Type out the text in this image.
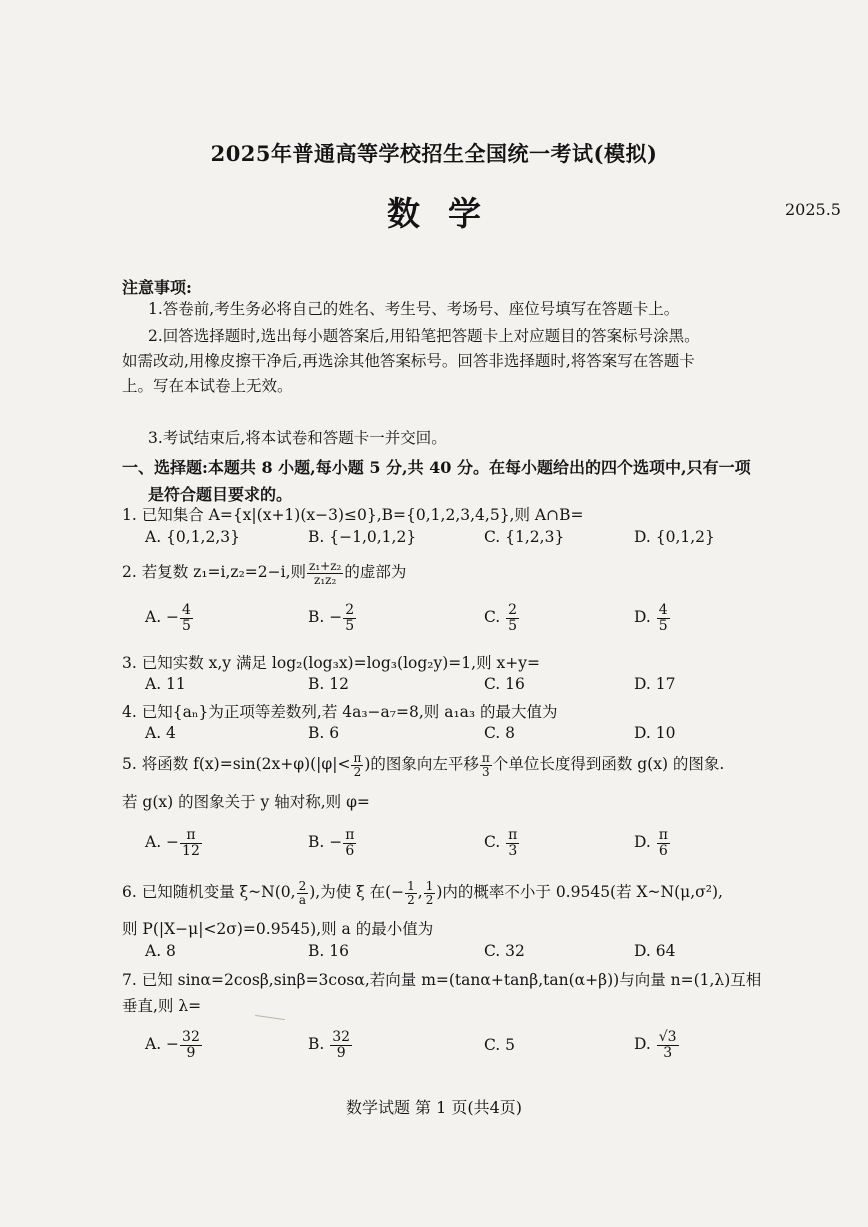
2025年普通高等学校招生全国统一考试(模拟)
数学	2025.5
注意事项:
1.答卷前,考生务必将自己的姓名、考生号、考场号、座位号填写在答题卡上。
2.回答选择题时,选出每小题答案后,用铅笔把答题卡上对应题目的答案标号涂黑。
如需改动,用橡皮擦干净后,再选涂其他答案标号。回答非选择题时,将答案写在答题卡
上。写在本试卷上无效。
3.考试结束后,将本试卷和答题卡一并交回。
一、选择题:本题共 8 小题,每小题 5 分,共 40 分。在每小题给出的四个选项中,只有一项
是符合题目要求的。
1. 已知集合 A={x|(x+1)(x−3)≤0},B={0,1,2,3,4,5},则 A∩B=
A. {0,1,2,3}	B. {−1,0,1,2}	C. {1,2,3}	D. {0,1,2}
2. 若复数 z₁=i,z₂=2−i,则 $\frac{\text{z₁+z₂}}{\text{z₁z₂}}$ 的虚部为
A. − $\frac{4}{5}$	B. − $\frac{2}{5}$	C. $\frac{2}{5}$	D. $\frac{4}{5}$
3. 已知实数 x,y 满足 log₂(log₃x)=log₃(log₂y)=1,则 x+y=
A. 11	B. 12	C. 16	D. 17
4. 已知{aₙ}为正项等差数列,若 4a₃−a₇=8,则 a₁a₃ 的最大值为
A. 4	B. 6	C. 8	D. 10
5. 将函数 $f(x)=\sin(2x+\varphi)(|\varphi|< \frac{\pi}{2}$ )的图象向左平移 $\frac{\pi}{3}$ 个单位长度得到函数 g(x) 的图象.
若 g(x) 的图象关于 y 轴对称,则 φ=
A. − $\frac{\pi}{12}$	B. − $\frac{\pi}{6}$	C. $\frac{\pi}{3}$	D. $\frac{\pi}{6}$
6. 已知随机变量 ξ~N(0, $\frac{2}{a}$ ),为使 ξ 在(− $\frac{1}{2}$ , $\frac{1}{2}$ )内的概率不小于 0.9545(若 X~N(μ,σ²),
则 P(|X−μ|<2σ)=0.9545),则 a 的最小值为
A. 8	B. 16	C. 32	D. 64
7. 已知 sinα=2cosβ,sinβ=3cosα,若向量 m=(tanα+tanβ,tan(α+β))与向量 n=(1,λ)互相
垂直,则 λ=
A. − $\frac{32}{9}$	B. $\frac{32}{9}$	C. 5	D. $\frac{√3}{3}$
数学试题 第 1 页(共4页)
